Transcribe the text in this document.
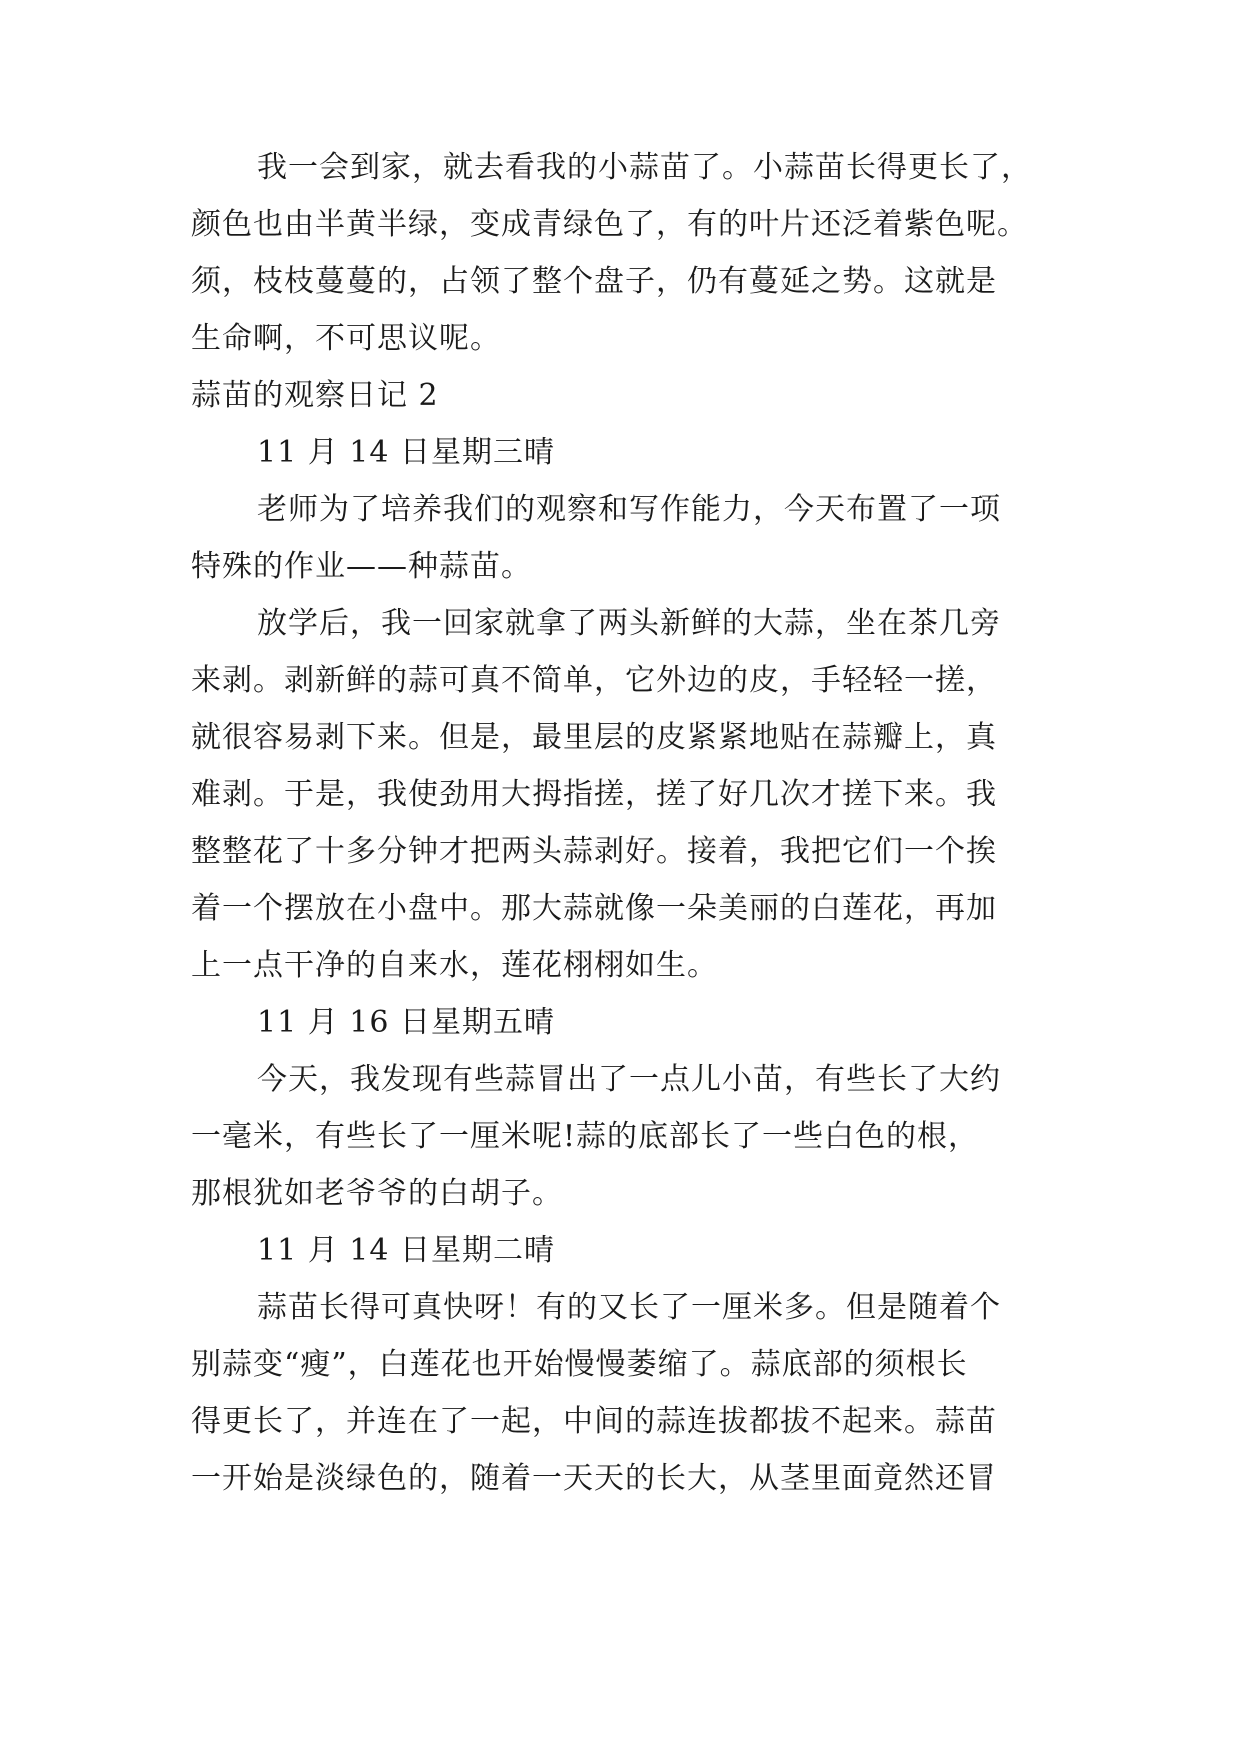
我一会到家，就去看我的小蒜苗了。小蒜苗长得更长了，
颜色也由半黄半绿，变成青绿色了，有的叶片还泛着紫色呢。
须，枝枝蔓蔓的，占领了整个盘子，仍有蔓延之势。这就是
生命啊，不可思议呢。
蒜苗的观察日记 2
11 月 14 日星期三晴
老师为了培养我们的观察和写作能力，今天布置了一项
特殊的作业——种蒜苗。
放学后，我一回家就拿了两头新鲜的大蒜，坐在茶几旁
来剥。剥新鲜的蒜可真不简单，它外边的皮，手轻轻一搓，
就很容易剥下来。但是，最里层的皮紧紧地贴在蒜瓣上，真
难剥。于是，我使劲用大拇指搓，搓了好几次才搓下来。我
整整花了十多分钟才把两头蒜剥好。接着，我把它们一个挨
着一个摆放在小盘中。那大蒜就像一朵美丽的白莲花，再加
上一点干净的自来水，莲花栩栩如生。
11 月 16 日星期五晴
今天，我发现有些蒜冒出了一点儿小苗，有些长了大约
一毫米，有些长了一厘米呢!蒜的底部长了一些白色的根，
那根犹如老爷爷的白胡子。
11 月 14 日星期二晴
蒜苗长得可真快呀！有的又长了一厘米多。但是随着个
别蒜变“瘦”，白莲花也开始慢慢萎缩了。蒜底部的须根长
得更长了，并连在了一起，中间的蒜连拔都拔不起来。蒜苗
一开始是淡绿色的，随着一天天的长大，从茎里面竟然还冒
